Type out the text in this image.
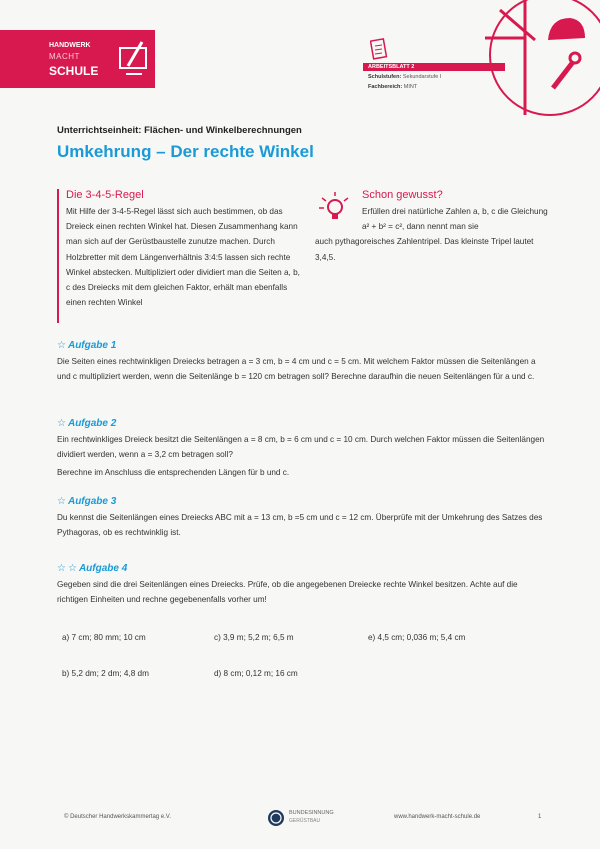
HANDWERK
MACHT
SCHULE	ARBEITSBLATT 2
Schulstufen: Sekundarstufe I
Fachbereich: MINT
Unterrichtseinheit: Flächen- und Winkelberechnungen
Umkehrung – Der rechte Winkel
Die 3-4-5-Regel
Mit Hilfe der 3-4-5-Regel lässt sich auch bestimmen, ob das Dreieck einen rechten Winkel hat. Diesen Zusammenhang kann man sich auf der Gerüstbaustelle zunutze machen. Durch Holzbretter mit dem Längenverhältnis 3:4:5 lassen sich rechte Winkel abstecken. Multipliziert oder dividiert man die Seiten a, b, c des Dreiecks mit dem gleichen Faktor, erhält man ebenfalls einen rechten Winkel
Schon gewusst?
Erfüllen drei natürliche Zahlen a, b, c die Gleichung a² + b² = c², dann nennt man sie
auch pythagoreisches Zahlentripel. Das kleinste Tripel lautet 3,4,5.
☆ Aufgabe 1
Die Seiten eines rechtwinkligen Dreiecks betragen a = 3 cm, b = 4 cm und c = 5 cm. Mit welchem Faktor müssen die Seitenlängen a und c multipliziert werden, wenn die Seitenlänge b = 120 cm betragen soll? Berechne daraufhin die neuen Seitenlängen für a und c.
☆ Aufgabe 2
Ein rechtwinkliges Dreieck besitzt die Seitenlängen a = 8 cm, b = 6 cm und c = 10 cm. Durch welchen Faktor müssen die Seitenlängen dividiert werden, wenn a = 3,2 cm betragen soll?
Berechne im Anschluss die entsprechenden Längen für b und c.
☆ Aufgabe 3
Du kennst die Seitenlängen eines Dreiecks ABC mit a = 13 cm, b =5 cm und c = 12 cm. Überprüfe mit der Umkehrung des Satzes des Pythagoras, ob es rechtwinklig ist.
☆ ☆ Aufgabe 4
Gegeben sind die drei Seitenlängen eines Dreiecks. Prüfe, ob die angegebenen Dreiecke rechte Winkel besitzen. Achte auf die richtigen Einheiten und rechne gegebenenfalls vorher um!
a) 7 cm; 80 mm; 10 cm
b) 5,2 dm; 2 dm; 4,8 dm
c) 3,9 m; 5,2 m; 6,5 m
d) 8 cm; 0,12 m; 16 cm
e) 4,5 cm; 0,036 m; 5,4 cm
© Deutscher Handwerkskammertag e.V.
BUNDESINNUNG
GERÜSTBAU
www.handwerk-macht-schule.de	1
